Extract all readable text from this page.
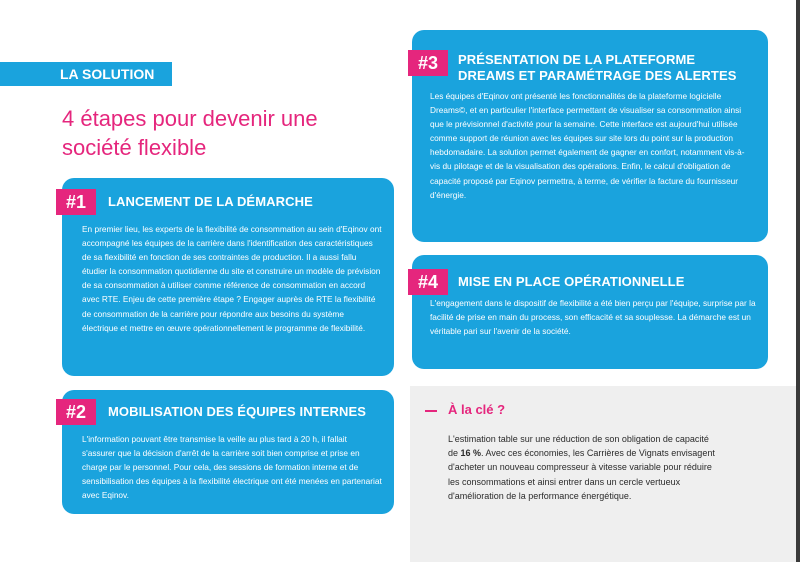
LA SOLUTION
4 étapes pour devenir une société flexible
#1	LANCEMENT DE LA DÉMARCHE
En premier lieu, les experts de la flexibilité de consommation au sein d'Eqinov ont accompagné les équipes de la carrière dans l'identification des caractéristiques de sa flexibilité en fonction de ses contraintes de production. Il a aussi fallu étudier la consommation quotidienne du site et construire un modèle de prévision de sa consommation à utiliser comme référence de consommation en accord avec RTE. Enjeu de cette première étape ? Engager auprès de RTE la flexibilité de consommation de la carrière pour répondre aux besoins du système électrique et mettre en œuvre opérationnellement le programme de flexibilité.
#2	MOBILISATION DES ÉQUIPES INTERNES
L'information pouvant être transmise la veille au plus tard à 20 h, il fallait s'assurer que la décision d'arrêt de la carrière soit bien comprise et prise en charge par le personnel. Pour cela, des sessions de formation interne et de sensibilisation des équipes à la flexibilité électrique ont été menées en partenariat avec Eqinov.
#3	PRÉSENTATION DE LA PLATEFORME DREAMS ET PARAMÉTRAGE DES ALERTES
Les équipes d'Eqinov ont présenté les fonctionnalités de la plateforme logicielle Dreams©, et en particulier l'interface permettant de visualiser sa consommation ainsi que le prévisionnel d'activité pour la semaine. Cette interface est aujourd'hui utilisée comme support de réunion avec les équipes sur site lors du point sur la production hebdomadaire. La solution permet également de gagner en confort, notamment vis-à-vis du pilotage et de la visualisation des opérations. Enfin, le calcul d'obligation de capacité proposé par Eqinov permettra, à terme, de vérifier la facture du fournisseur d'énergie.
#4	MISE EN PLACE OPÉRATIONNELLE
L'engagement dans le dispositif de flexibilité a été bien perçu par l'équipe, surprise par la facilité de prise en main du process, son efficacité et sa souplesse. La démarche est un véritable pari sur l'avenir de la société.
À la clé ?
L'estimation table sur une réduction de son obligation de capacité de 16 %. Avec ces économies, les Carrières de Vignats envisagent d'acheter un nouveau compresseur à vitesse variable pour réduire les consommations et ainsi entrer dans un cercle vertueux d'amélioration de la performance énergétique.
